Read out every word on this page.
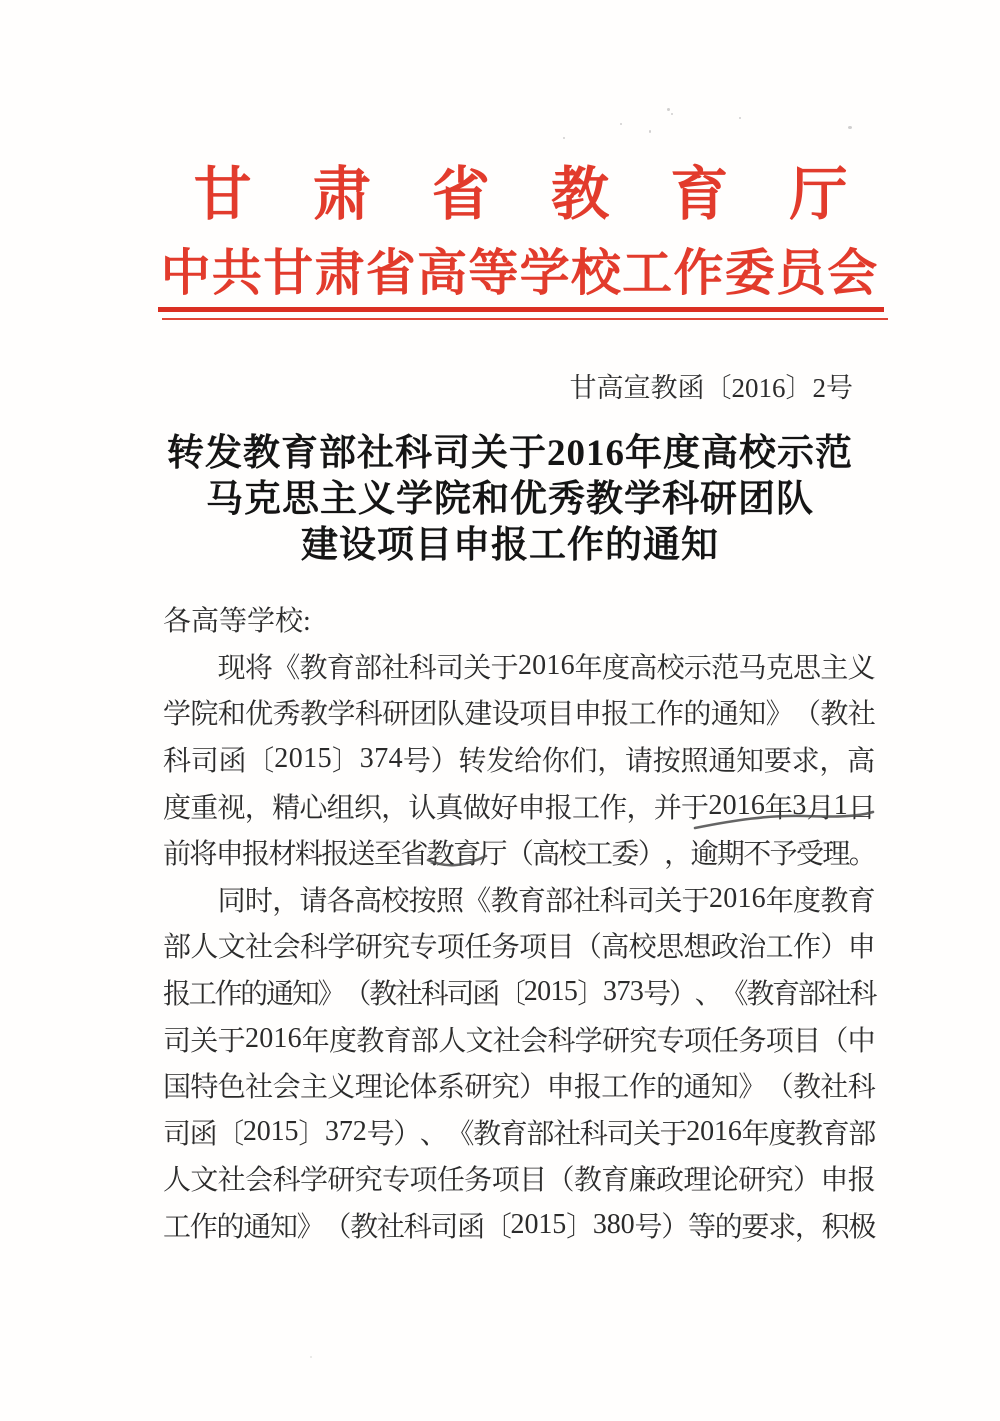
甘	肃	省	教	育	厅
中 共 甘 肃 省 高 等 学 校 工 作 委 员 会
甘高宣教函〔2016〕2号
转发教育部社科司关于2016年度高校示范
马克思主义学院和优秀教学科研团队
建设项目申报工作的通知
各高等学校:
现 将 《 教 育 部 社 科 司 关 于 2 0 1 6 年 度 高 校 示 范 马 克 思 主 义
学 院 和 优 秀 教 学 科 研 团 队 建 设 项 目 申 报 工 作 的 通 知 》 （ 教 社
科 司 函 〔 2 0 1 5 〕 3 7 4 号 ） 转 发 给 你 们 ， 请 按 照 通 知 要 求 ， 高
度 重 视 ， 精 心 组 织 ， 认 真 做 好 申 报 工 作 ， 并 于 2 0 1 6 年 3 月 1 日
前
将
申
报
材
料
报
送
至
省
教
育
厅
（
高
校
工
委
）
，
逾
期
不
予
受
理
。
同 时 ， 请 各 高 校 按 照 《 教 育 部 社 科 司 关 于 2 0 1 6 年 度 教 育
部 人 文 社 会 科 学 研 究 专 项 任 务 项 目 （ 高 校 思 想 政 治 工 作 ） 申
报
工
作
的
通
知
》
（
教
社
科
司
函
〔
2 0 1 5 〕
3 7 3 号
）
、
《
教
育
部
社
科
司 关 于 2 0 1 6 年 度 教 育 部 人 文 社 会 科 学 研 究 专 项 任 务 项 目 （ 中
国 特 色 社 会 主 义 理 论 体 系 研 究 ） 申 报 工 作 的 通 知 》 （ 教 社 科
司
函
〔
2 0 1 5 〕
3 7 2 号
）
、
《
教
育
部
社
科
司
关
于
2 0 1 6 年
度
教
育
部
人 文 社 会 科 学 研 究 专 项 任 务 项 目 （ 教 育 廉 政 理 论 研 究 ） 申 报
工
作
的
通
知
》
（
教
社
科
司
函
〔
2 0 1 5 〕
3 8 0 号
）
等
的
要
求
，
积
极
